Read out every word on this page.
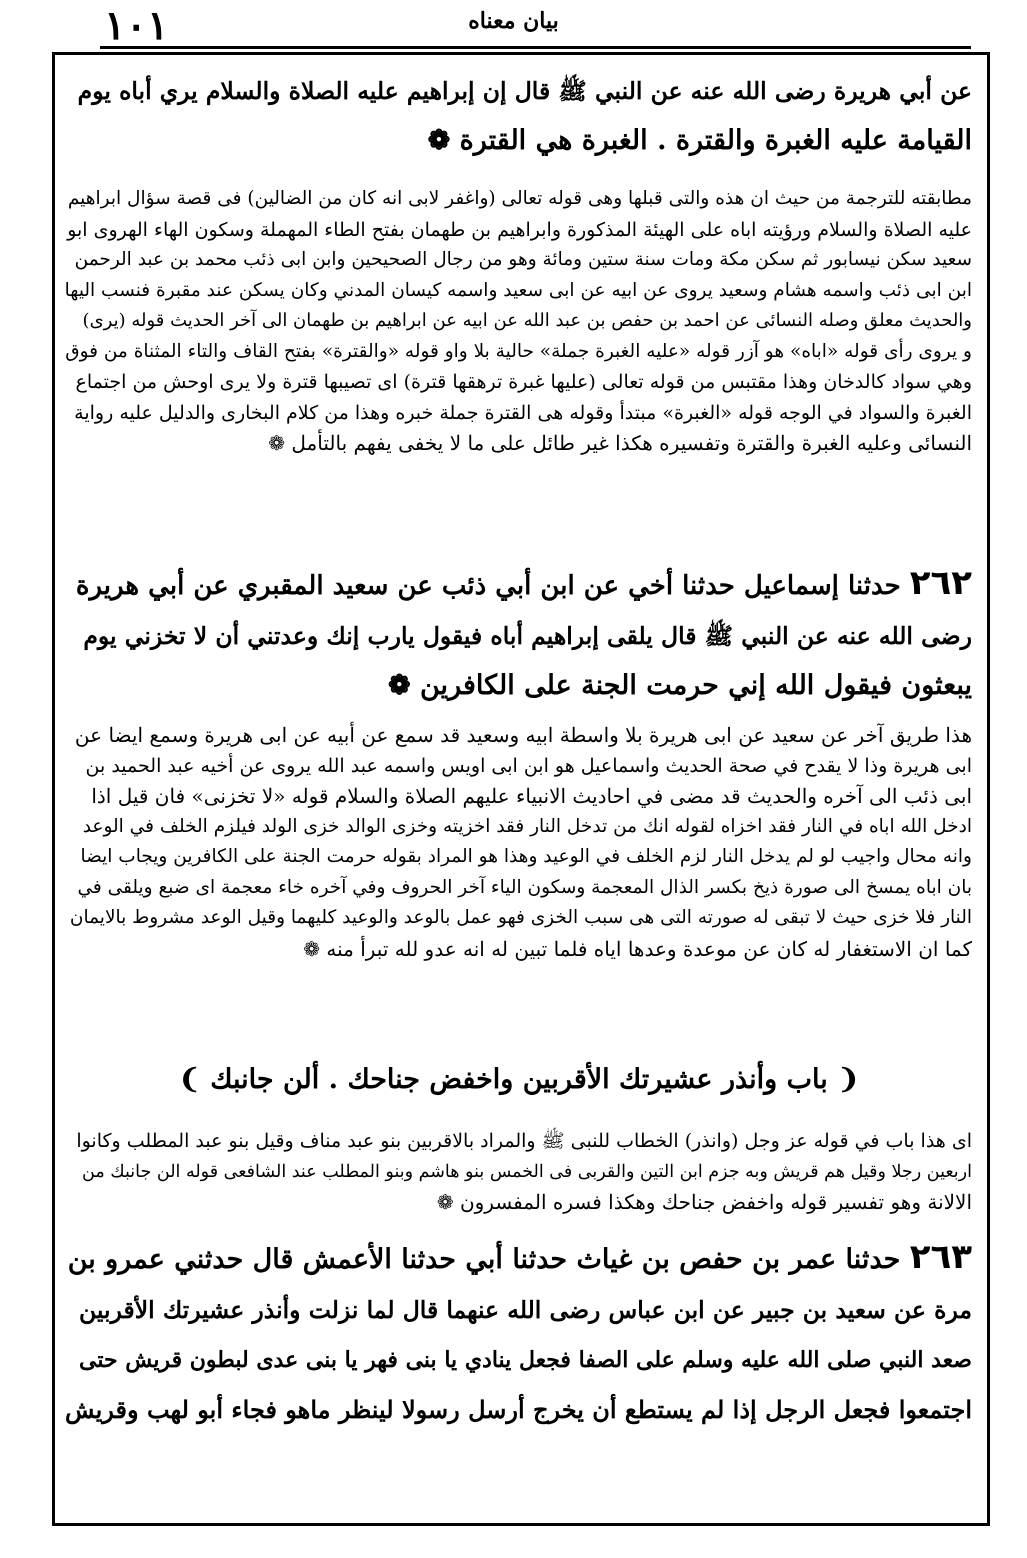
١٠١	بيان معناه
عن أبي هريرة رضى الله عنه عن النبي ﷺ قال إن إبراهيم عليه الصلاة والسلام يري أباه يوم
القيامة عليه الغبرة والقترة . الغبرة هي القترة ❁
مطابقته للترجمة من حيث ان هذه والتى قبلها وهى قوله تعالى (واغفر لابى انه كان من الضالين) فى قصة سؤال ابراهيم
عليه الصلاة والسلام ورؤيته اباه على الهيئة المذكورة وابراهيم بن طهمان بفتح الطاء المهملة وسكون الهاء الهروى ابو
سعيد سكن نيسابور ثم سكن مكة ومات سنة ستين ومائة وهو من رجال الصحيحين وابن ابى ذئب محمد بن عبد الرحمن
ابن ابى ذئب واسمه هشام وسعيد يروى عن ابيه عن ابى سعيد واسمه كيسان المدني وكان يسكن عند مقبرة فنسب اليها
والحديث معلق وصله النسائى عن احمد بن حفص بن عبد الله عن ابيه عن ابراهيم بن طهمان الى آخر الحديث قوله (يرى)
و يروى رأى قوله «اباه» هو آزر قوله «عليه الغبرة جملة» حالية بلا واو قوله «والقترة» بفتح القاف والتاء المثناة من فوق
وهي سواد كالدخان وهذا مقتبس من قوله تعالى (عليها غبرة ترهقها قترة) اى تصيبها قترة ولا يرى اوحش من اجتماع
الغبرة والسواد في الوجه قوله «الغبرة» مبتدأ وقوله هى القترة جملة خبره وهذا من كلام البخارى والدليل عليه رواية
النسائى وعليه الغبرة والقترة وتفسيره هكذا غير طائل على ما لا يخفى يفهم بالتأمل ❁
٢٦٢ حدثنا إسماعيل حدثنا أخي عن ابن أبي ذئب عن سعيد المقبري عن أبي هريرة
رضى الله عنه عن النبي ﷺ قال يلقى إبراهيم أباه فيقول يارب إنك وعدتني أن لا تخزني يوم
يبعثون فيقول الله إني حرمت الجنة على الكافرين ❁
هذا طريق آخر عن سعيد عن ابى هريرة بلا واسطة ابيه وسعيد قد سمع عن أبيه عن ابى هريرة وسمع ايضا عن
ابى هريرة وذا لا يقدح في صحة الحديث واسماعيل هو ابن ابى اويس واسمه عبد الله يروى عن أخيه عبد الحميد بن
ابى ذئب الى آخره والحديث قد مضى في احاديث الانبياء عليهم الصلاة والسلام قوله «لا تخزنى» فان قيل اذا
ادخل الله اباه في النار فقد اخزاه لقوله انك من تدخل النار فقد اخزيته وخزى الوالد خزى الولد فيلزم الخلف في الوعد
وانه محال واجيب لو لم يدخل النار لزم الخلف في الوعيد وهذا هو المراد بقوله حرمت الجنة على الكافرين ويجاب ايضا
بان اباه يمسخ الى صورة ذيخ بكسر الذال المعجمة وسكون الياء آخر الحروف وفي آخره خاء معجمة اى ضبع ويلقى في
النار فلا خزى حيث لا تبقى له صورته التى هى سبب الخزى فهو عمل بالوعد والوعيد كليهما وقيل الوعد مشروط بالايمان
كما ان الاستغفار له كان عن موعدة وعدها اياه فلما تبين له انه عدو لله تبرأ منه ❁
❨ باب وأنذر عشيرتك الأقربين واخفض جناحك . ألن جانبك ❩
اى هذا باب في قوله عز وجل (وانذر) الخطاب للنبى ﷺ والمراد بالاقربين بنو عبد مناف وقيل بنو عبد المطلب وكانوا
اربعين رجلا وقيل هم قريش وبه جزم ابن التين والقربى فى الخمس بنو هاشم وبنو المطلب عند الشافعى قوله الن جانبك من
الالانة وهو تفسير قوله واخفض جناحك وهكذا فسره المفسرون ❁
٢٦٣ حدثنا عمر بن حفص بن غياث حدثنا أبي حدثنا الأعمش قال حدثني عمرو بن
مرة عن سعيد بن جبير عن ابن عباس رضى الله عنهما قال لما نزلت وأنذر عشيرتك الأقربين
صعد النبي صلى الله عليه وسلم على الصفا فجعل ينادي يا بنى فهر يا بنى عدى لبطون قريش حتى
اجتمعوا فجعل الرجل إذا لم يستطع أن يخرج أرسل رسولا لينظر ماهو فجاء أبو لهب وقريش
